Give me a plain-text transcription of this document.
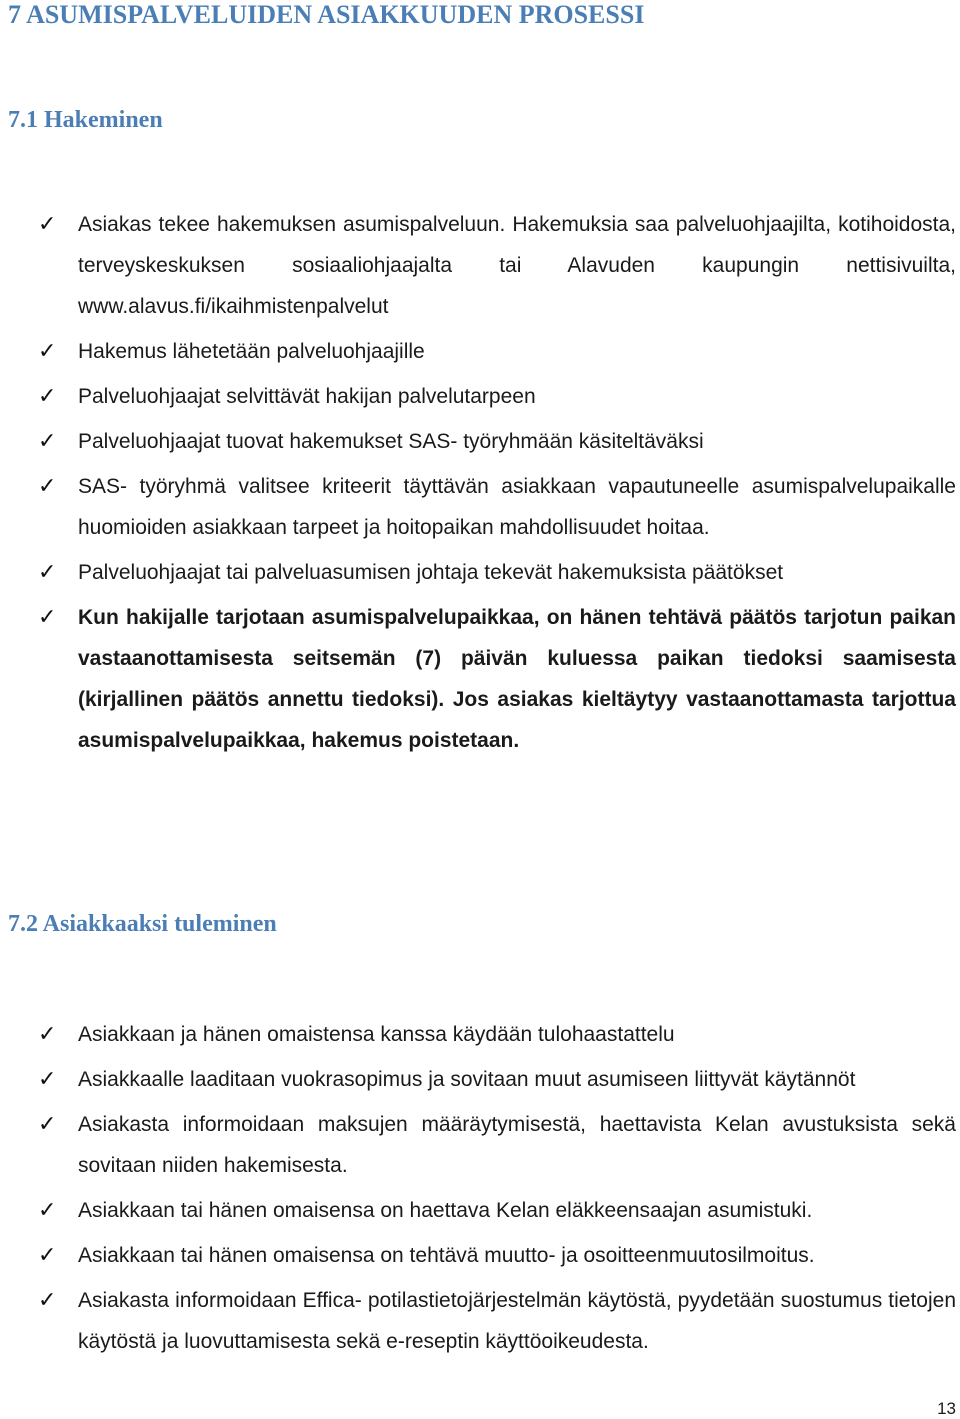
7 ASUMISPALVELUIDEN ASIAKKUUDEN PROSESSI
7.1 Hakeminen
✓ Asiakas tekee hakemuksen asumispalveluun. Hakemuksia saa palveluohjaajilta, kotihoidosta, terveyskeskuksen sosiaaliohjaajalta tai Alavuden kaupungin nettisivuilta, www.alavus.fi/ikaihmistenpalvelut
✓ Hakemus lähetetään palveluohjaajille
✓ Palveluohjaajat selvittävät hakijan palvelutarpeen
✓ Palveluohjaajat tuovat hakemukset SAS- työryhmään käsiteltäväksi
✓ SAS- työryhmä valitsee kriteerit täyttävän asiakkaan vapautuneelle asumispalvelupaikalle huomioiden asiakkaan tarpeet ja hoitopaikan mahdollisuudet hoitaa.
✓ Palveluohjaajat tai palveluasumisen johtaja tekevät hakemuksista päätökset
✓ Kun hakijalle tarjotaan asumispalvelupaikkaa, on hänen tehtävä päätös tarjotun paikan vastaanottamisesta seitsemän (7) päivän kuluessa paikan tiedoksi saamisesta (kirjallinen päätös annettu tiedoksi). Jos asiakas kieltäytyy vastaanottamasta tarjottua asumispalvelupaikkaa, hakemus poistetaan.
7.2 Asiakkaaksi tuleminen
✓ Asiakkaan ja hänen omaistensa kanssa käydään tulohaastattelu
✓ Asiakkaalle laaditaan vuokrasopimus ja sovitaan muut asumiseen liittyvät käytännöt
✓ Asiakasta informoidaan maksujen määräytymisestä, haettavista Kelan avustuksista sekä sovitaan niiden hakemisesta.
✓ Asiakkaan tai hänen omaisensa on haettava Kelan eläkkeensaajan asumistuki.
✓ Asiakkaan tai hänen omaisensa on tehtävä muutto- ja osoitteenmuutosilmoitus.
✓ Asiakasta informoidaan Effica- potilastietojärjestelmän käytöstä, pyydetään suostumus tietojen käytöstä ja luovuttamisesta sekä e-reseptin käyttöoikeudesta.
13
